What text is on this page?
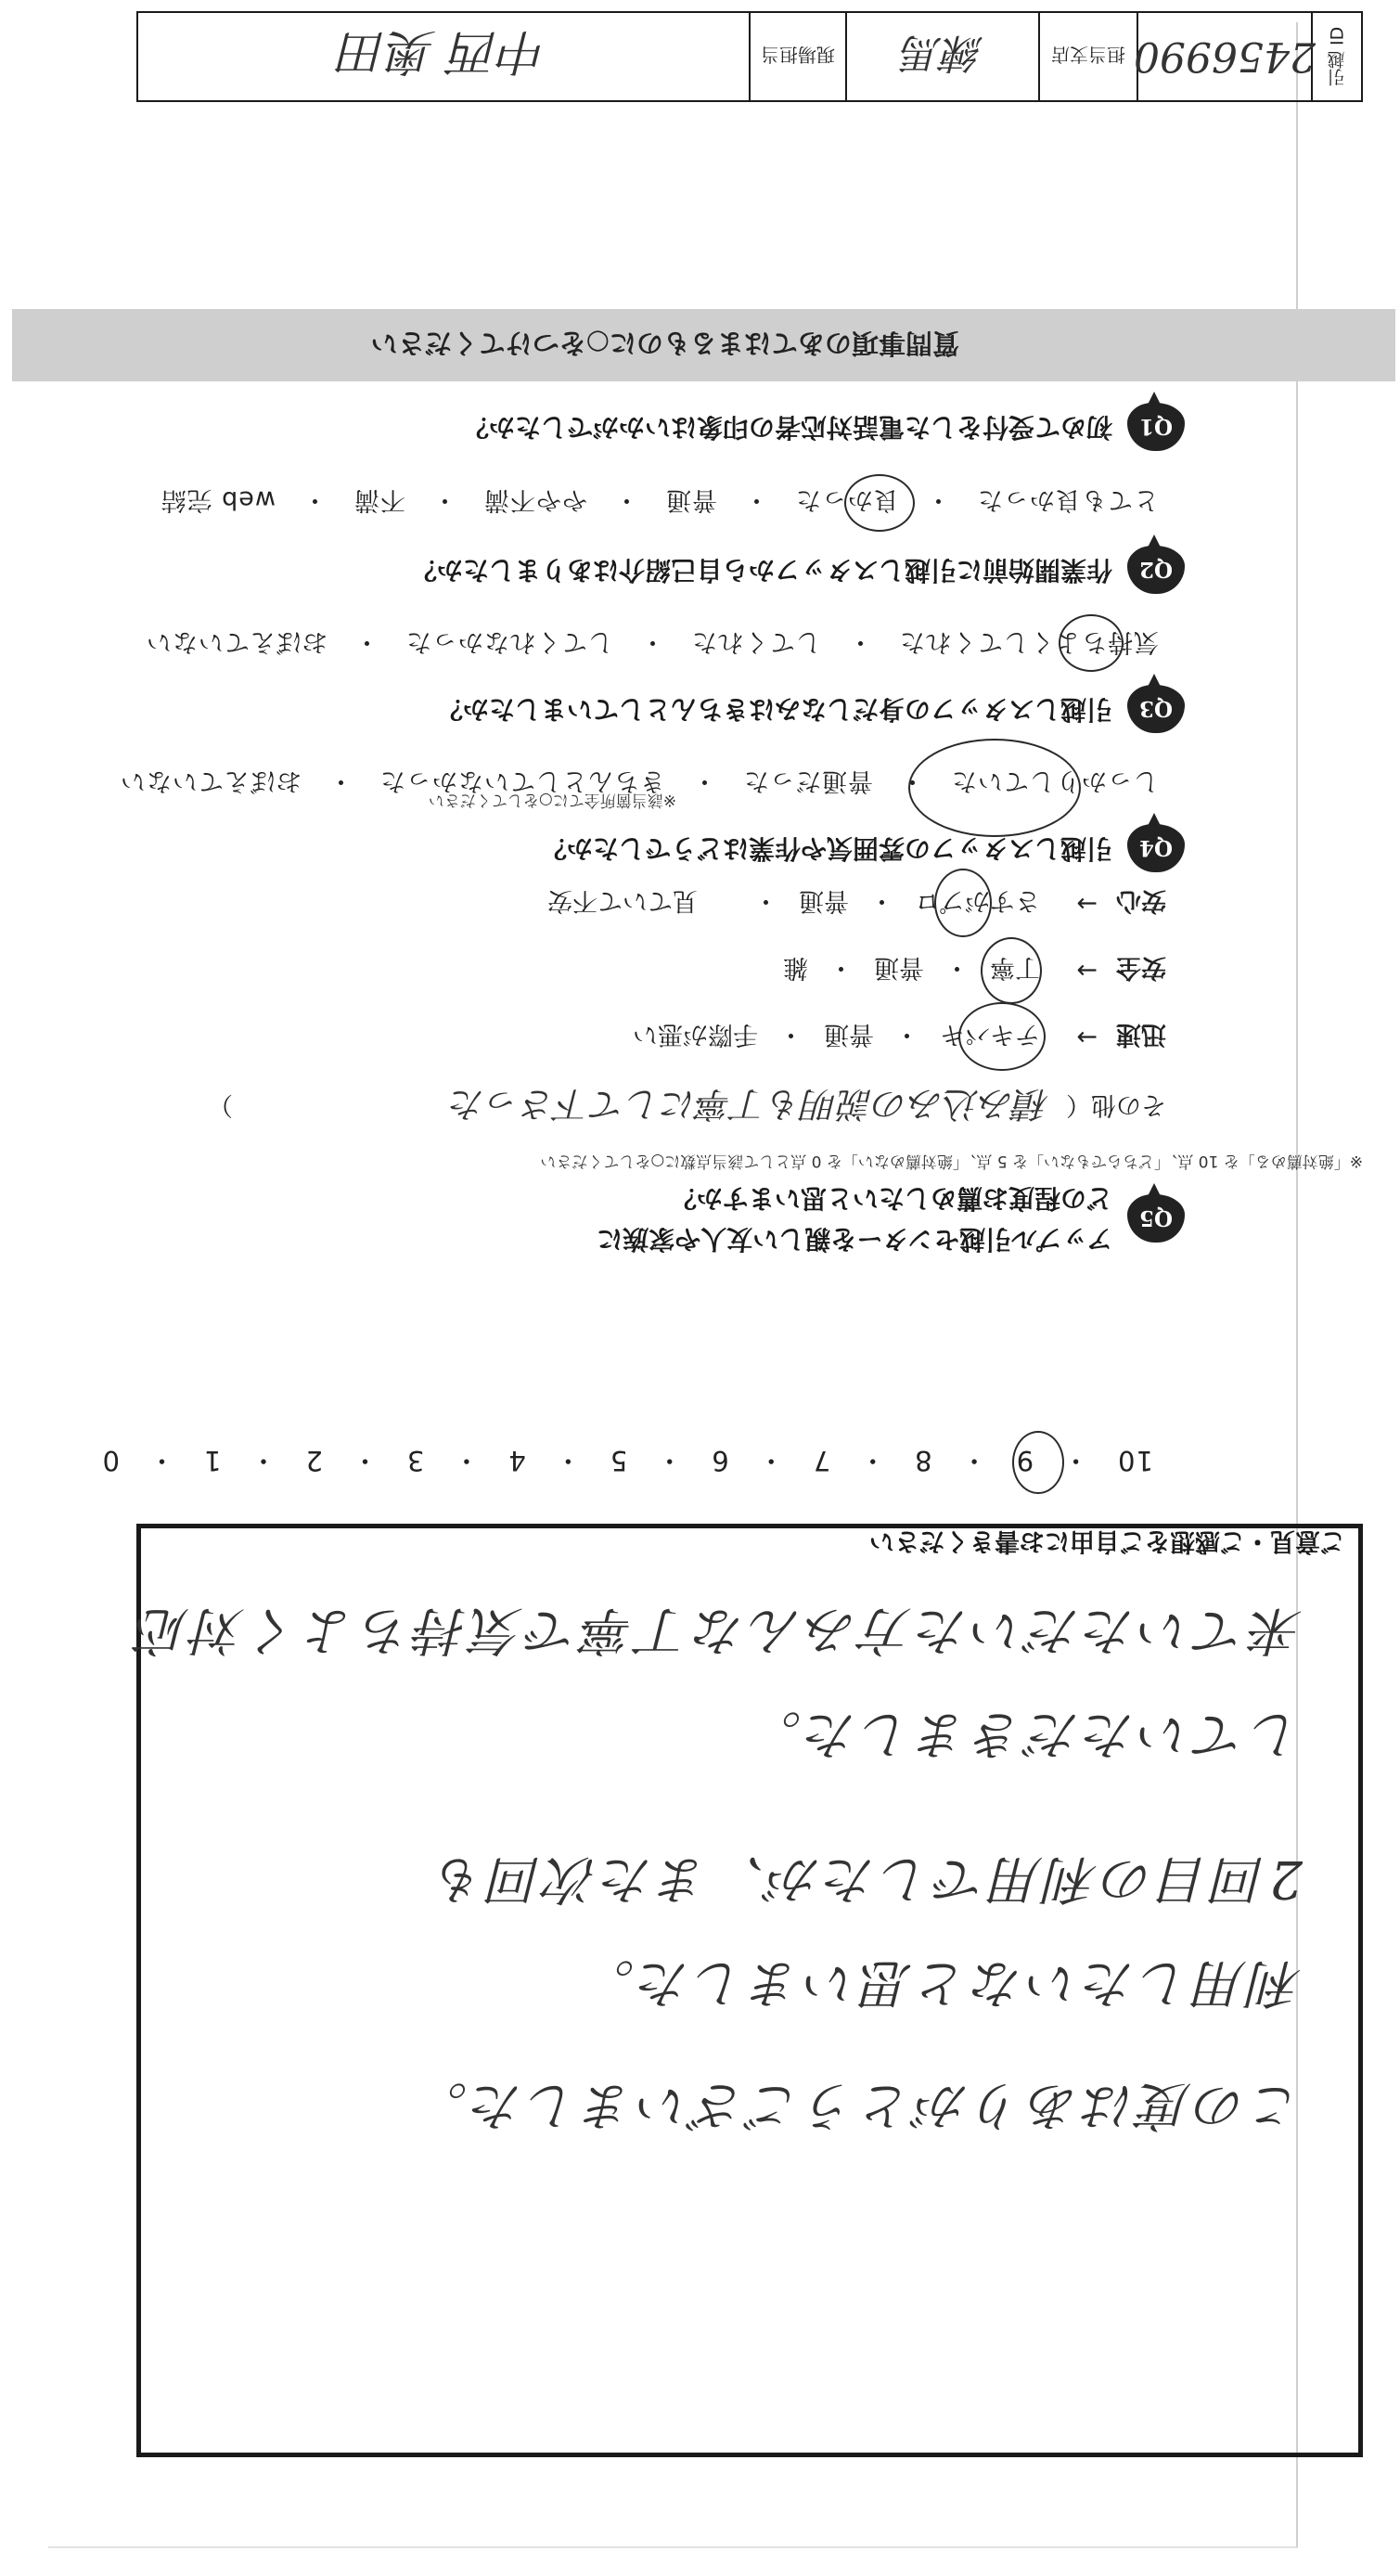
質問事項のあてはまるものに○をつけてください
Q1
初めて受付をした電話対応者の印象はいかがでしたか？
とても良かった　・　良かった　・　普通　・　やや不満　・　不満　・　web 完結
Q2
作業開始前に引越しスタッフから自己紹介はありましたか？
気持ちよくしてくれた　・　してくれた　・　してくれなかった　・　おぼえていない
Q3
引越しスタッフの身だしなみはきちんとしていましたか？
しっかりしていた　・　普通だった　・　きちんとしていなかった　・　おぼえていない
Q4
引越しスタッフの雰囲気や作業はどうでしたか？
※該当箇所全てに○をしてください
安心
→
さすがプロ
・
普通
・
見ていて不安
安全
→
丁寧
・
普通
・
雑
迅速
→
テキパキ
・
普通
・
手際が悪い
その他（
積み込みの説明も丁寧にして下さった
）
Q5
アップル引越センターを親しい友人や家族に
どの程度お薦めしたいと思いますか？
※「絶対薦める」を 10 点、「どちらでもない」を 5 点、「絶対薦めない」を 0 点として該当点数に○をしてください
10　・　9　・　8　・　7　・　6　・　5　・　4　・　3　・　2　・　1　・　0
ご意見・ご感想をご自由にお書きください
来ていただいた方みんな丁寧で気持ちよく対応
していただきました。
2回目の利用でしたが、また次回も
利用したいなと思いました。
この度はありがとうございました。
引越 ID
2456990
担当支店
練馬
現場担当
中西 奥田
